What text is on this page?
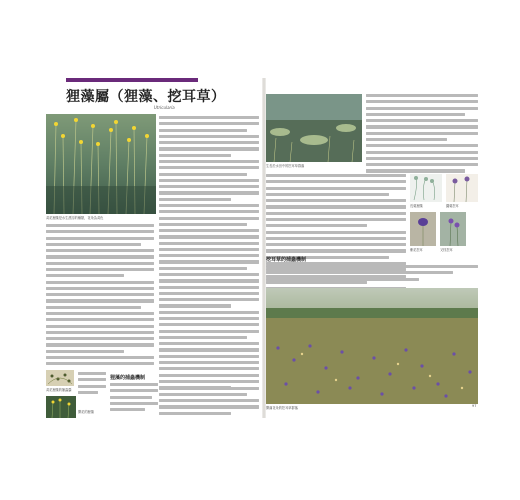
狸藻屬（狸藻、挖耳草）
Utricularia
黃花狸藻是水生漂浮的種類，花朵為黃色
黃花狸藻的捕蟲囊
開花的狸藻
狸藻的捕蟲機制
生長於水田中的挖耳草群落
長葉狸藻	圓葉挖耳
紫花挖耳	叉枝挖耳
挖耳草的捕蟲機制
開滿花朵的挖耳草群落	97
